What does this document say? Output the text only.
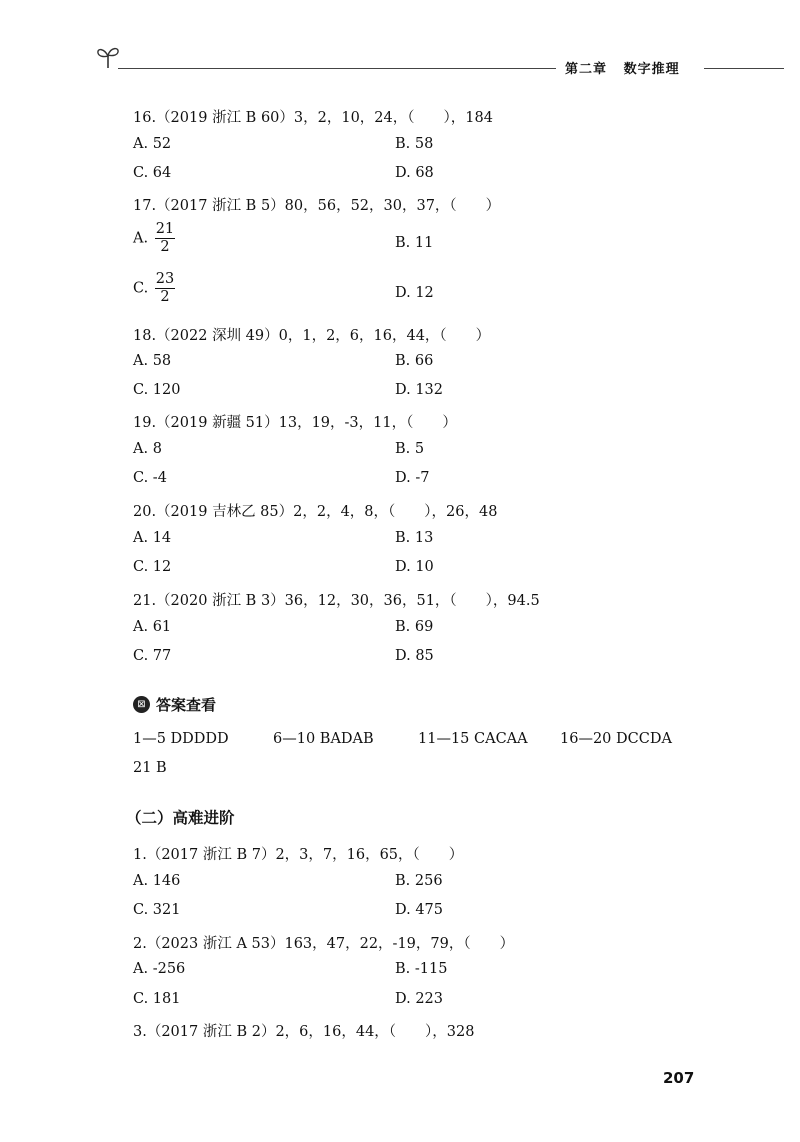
第二章 数字推理
16.（2019 浙江 B 60）3，2，10，24，（　　），184
A. 52	B. 58
C. 64	D. 68
17.（2017 浙江 B 5）80，56，52，30，37，（　　）
A. $\frac{21}{2}$	B. 11
C. $\frac{23}{2}$	D. 12
18.（2022 深圳 49）0，1，2，6，16，44，（　　）
A. 58	B. 66
C. 120	D. 132
19.（2019 新疆 51）13，19，-3，11，（　　）
A. 8	B. 5
C. -4	D. -7
20.（2019 吉林乙 85）2，2，4，8，（　　），26，48
A. 14	B. 13
C. 12	D. 10
21.（2020 浙江 B 3）36，12，30，36，51，（　　），94.5
A. 61	B. 69
C. 77	D. 85
⊠ 答案查看
1—5 DDDDD	6—10 BADAB	11—15 CACAA 16—20 DCCDA
21 B
（二）高难进阶
1.（2017 浙江 B 7）2，3，7，16，65，（　　）
A. 146	B. 256
C. 321	D. 475
2.（2023 浙江 A 53）163，47，22，-19，79，（　　）
A. -256	B. -115
C. 181	D. 223
3.（2017 浙江 B 2）2，6，16，44，（　　），328
207
